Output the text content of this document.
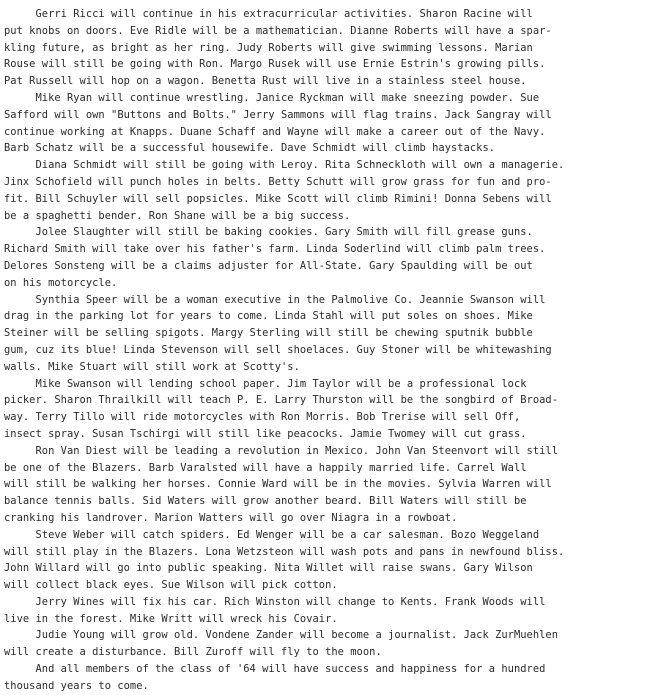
Gerri Ricci will continue in his extracurricular activities. Sharon Racine will
put knobs on doors. Eve Ridle will be a mathematician. Dianne Roberts will have a spar-
kling future, as bright as her ring. Judy Roberts will give swimming lessons. Marian
Rouse will still be going with Ron. Margo Rusek will use Ernie Estrin's growing pills.
Pat Russell will hop on a wagon. Benetta Rust will live in a stainless steel house.
Mike Ryan will continue wrestling. Janice Ryckman will make sneezing powder. Sue
Safford will own "Buttons and Bolts." Jerry Sammons will flag trains. Jack Sangray will
continue working at Knapps. Duane Schaff and Wayne will make a career out of the Navy.
Barb Schatz will be a successful housewife. Dave Schmidt will climb haystacks.
Diana Schmidt will still be going with Leroy. Rita Schneckloth will own a managerie.
Jinx Schofield will punch holes in belts. Betty Schutt will grow grass for fun and pro-
fit. Bill Schuyler will sell popsicles. Mike Scott will climb Rimini! Donna Sebens will
be a spaghetti bender. Ron Shane will be a big success.
Jolee Slaughter will still be baking cookies. Gary Smith will fill grease guns.
Richard Smith will take over his father's farm. Linda Soderlind will climb palm trees.
Delores Sonsteng will be a claims adjuster for All-State. Gary Spaulding will be out
on his motorcycle.
Synthia Speer will be a woman executive in the Palmolive Co. Jeannie Swanson will
drag in the parking lot for years to come. Linda Stahl will put soles on shoes. Mike
Steiner will be selling spigots. Margy Sterling will still be chewing sputnik bubble
gum, cuz its blue! Linda Stevenson will sell shoelaces. Guy Stoner will be whitewashing
walls. Mike Stuart will still work at Scotty's.
Mike Swanson will lending school paper. Jim Taylor will be a professional lock
picker. Sharon Thrailkill will teach P. E. Larry Thurston will be the songbird of Broad-
way. Terry Tillo will ride motorcycles with Ron Morris. Bob Trerise will sell Off,
insect spray. Susan Tschirgi will still like peacocks. Jamie Twomey will cut grass.
Ron Van Diest will be leading a revolution in Mexico. John Van Steenvort will still
be one of the Blazers. Barb Varalsted will have a happily married life. Carrel Wall
will still be walking her horses. Connie Ward will be in the movies. Sylvia Warren will
balance tennis balls. Sid Waters will grow another beard. Bill Waters will still be
cranking his landrover. Marion Watters will go over Niagra in a rowboat.
Steve Weber will catch spiders. Ed Wenger will be a car salesman. Bozo Weggeland
will still play in the Blazers. Lona Wetzsteon will wash pots and pans in newfound bliss.
John Willard will go into public speaking. Nita Willet will raise swans. Gary Wilson
will collect black eyes. Sue Wilson will pick cotton.
Jerry Wines will fix his car. Rich Winston will change to Kents. Frank Woods will
live in the forest. Mike Writt will wreck his Covair.
Judie Young will grow old. Vondene Zander will become a journalist. Jack ZurMuehlen
will create a disturbance. Bill Zuroff will fly to the moon.
And all members of the class of '64 will have success and happiness for a hundred
thousand years to come.
